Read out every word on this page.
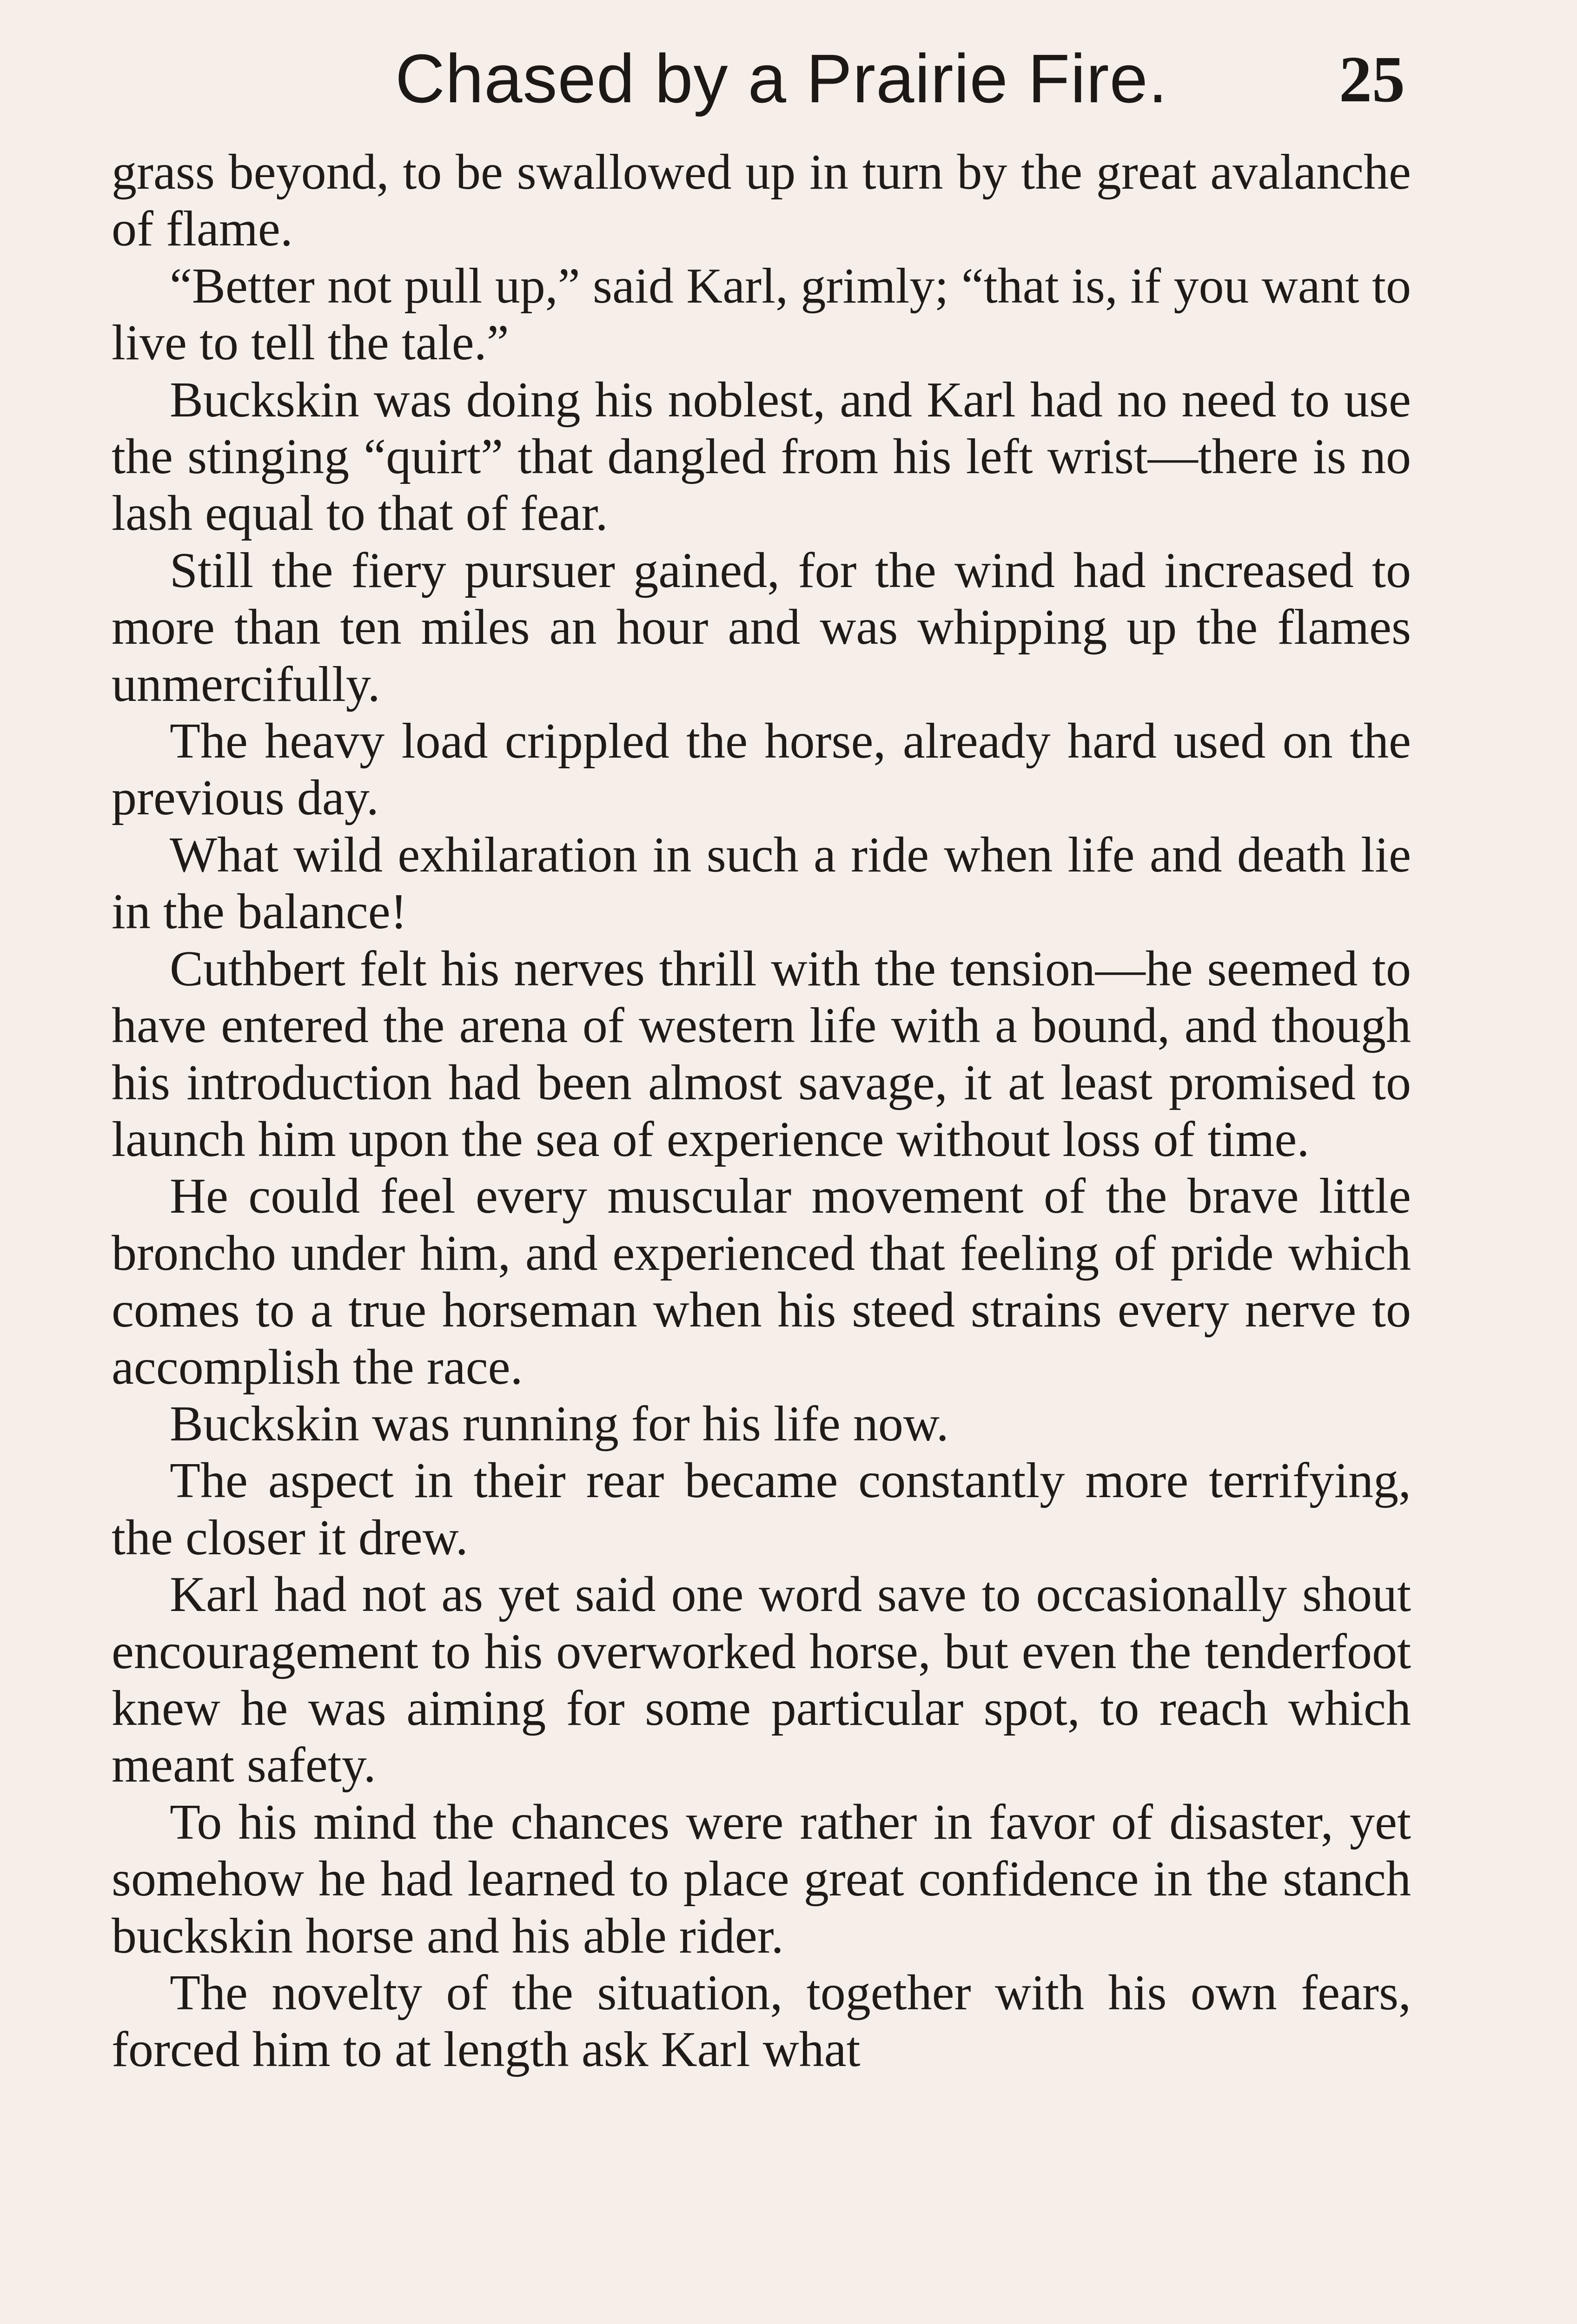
Chased by a Prairie Fire.	25

grass beyond, to be swallowed up in turn by the great avalanche of flame.

“Better not pull up,” said Karl, grimly; “that is, if you want to live to tell the tale.”

Buckskin was doing his noblest, and Karl had no need to use the stinging “quirt” that dangled from his left wrist—there is no lash equal to that of fear.

Still the fiery pursuer gained, for the wind had increased to more than ten miles an hour and was whipping up the flames unmercifully.

The heavy load crippled the horse, already hard used on the previous day.

What wild exhilaration in such a ride when life and death lie in the balance!

Cuthbert felt his nerves thrill with the tension—he seemed to have entered the arena of western life with a bound, and though his introduction had been almost savage, it at least promised to launch him upon the sea of experience without loss of time.

He could feel every muscular movement of the brave little broncho under him, and experienced that feeling of pride which comes to a true horseman when his steed strains every nerve to accomplish the race.

Buckskin was running for his life now.

The aspect in their rear became constantly more terrifying, the closer it drew.

Karl had not as yet said one word save to occasionally shout encouragement to his overworked horse, but even the tenderfoot knew he was aiming for some particular spot, to reach which meant safety.

To his mind the chances were rather in favor of disaster, yet somehow he had learned to place great confidence in the stanch buckskin horse and his able rider.

The novelty of the situation, together with his own fears, forced him to at length ask Karl what
